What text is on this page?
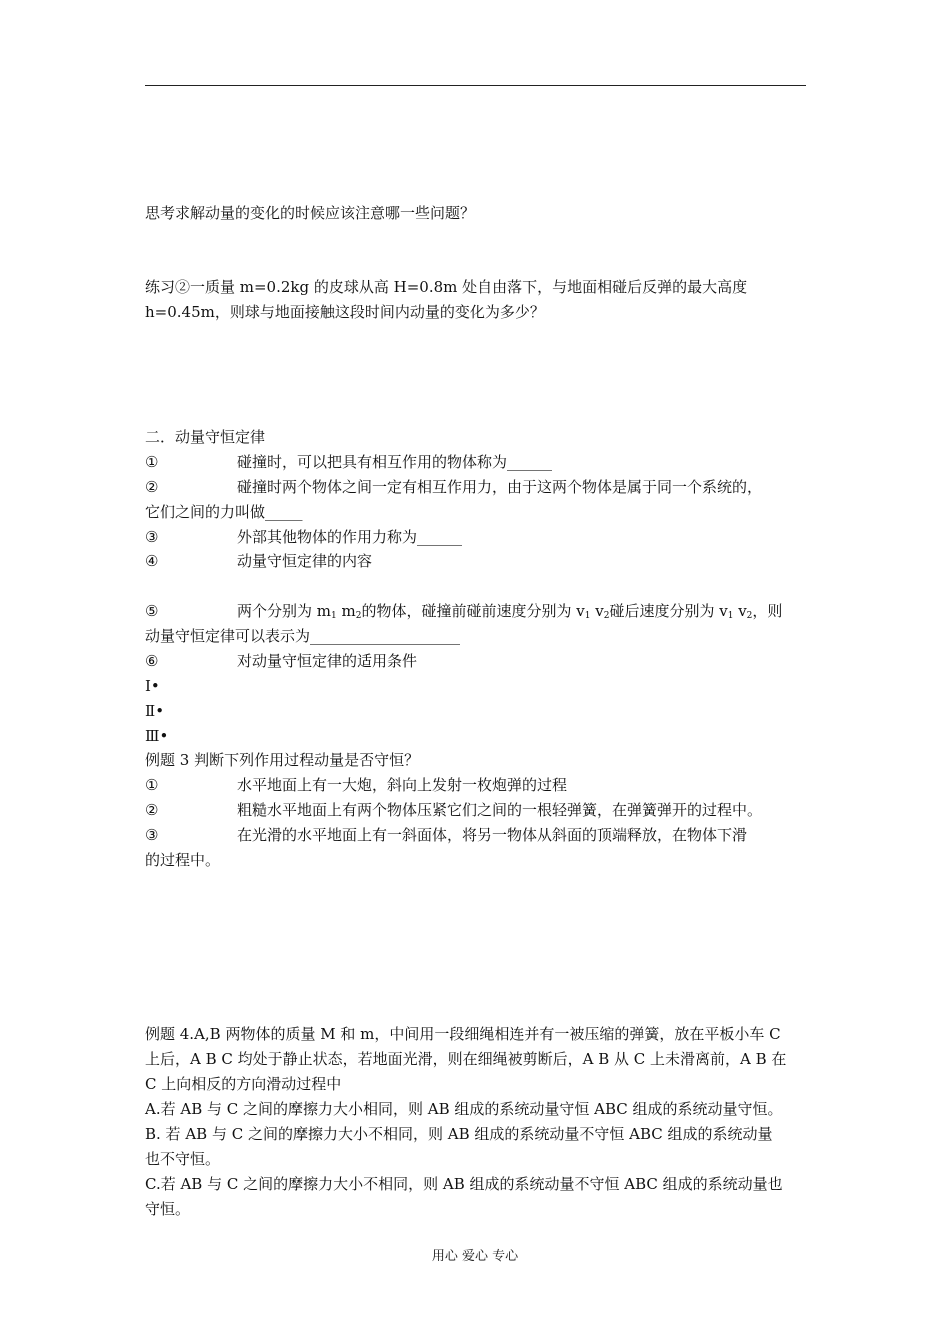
思考求解动量的变化的时候应该注意哪一些问题？
练习②一质量 m=0.2kg 的皮球从高 H=0.8m 处自由落下，与地面相碰后反弹的最大高度
h=0.45m，则球与地面接触这段时间内动量的变化为多少？
二．动量守恒定律
①	碰撞时，可以把具有相互作用的物体称为______
②	碰撞时两个物体之间一定有相互作用力，由于这两个物体是属于同一个系统的，
它们之间的力叫做_____
③	外部其他物体的作用力称为______
④	动量守恒定律的内容
⑤	两个分别为 $m_1$ $m_2$的物体，碰撞前碰前速度分别为 $v_1$ $v_2$碰后速度分别为 $v_1$ $v_2$，则
动量守恒定律可以表示为____________________
⑥	对动量守恒定律的适用条件
Ⅰ•
Ⅱ•
Ⅲ•
例题 3 判断下列作用过程动量是否守恒？
①	水平地面上有一大炮，斜向上发射一枚炮弹的过程
②	粗糙水平地面上有两个物体压紧它们之间的一根轻弹簧，在弹簧弹开的过程中。
③	在光滑的水平地面上有一斜面体，将另一物体从斜面的顶端释放，在物体下滑
的过程中。
例题 4.A,B 两物体的质量 M 和 m，中间用一段细绳相连并有一被压缩的弹簧，放在平板小车 C
上后，A B C 均处于静止状态，若地面光滑，则在细绳被剪断后，A B 从 C 上未滑离前，A B 在
C 上向相反的方向滑动过程中
A.若 AB 与 C 之间的摩擦力大小相同，则 AB 组成的系统动量守恒 ABC 组成的系统动量守恒。
B. 若 AB 与 C 之间的摩擦力大小不相同，则 AB 组成的系统动量不守恒 ABC 组成的系统动量
也不守恒。
C.若 AB 与 C 之间的摩擦力大小不相同，则 AB 组成的系统动量不守恒 ABC 组成的系统动量也
守恒。
用心 爱心 专心
